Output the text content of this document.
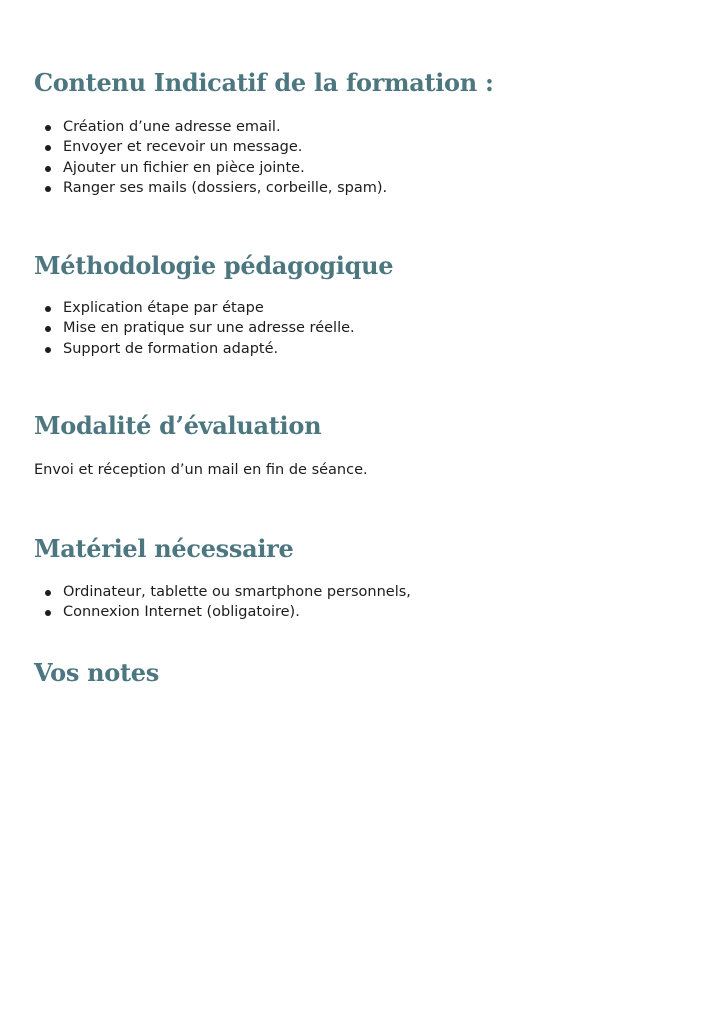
Contenu Indicatif de la formation :
Création d’une adresse email.
Envoyer et recevoir un message.
Ajouter un fichier en pièce jointe.
Ranger ses mails (dossiers, corbeille, spam).
Méthodologie pédagogique
Explication étape par étape
Mise en pratique sur une adresse réelle.
Support de formation adapté.
Modalité d’évaluation

Envoi et réception d’un mail en fin de séance.

Matériel nécessaire
Ordinateur, tablette ou smartphone personnels,
Connexion Internet (obligatoire).
Vos notes
